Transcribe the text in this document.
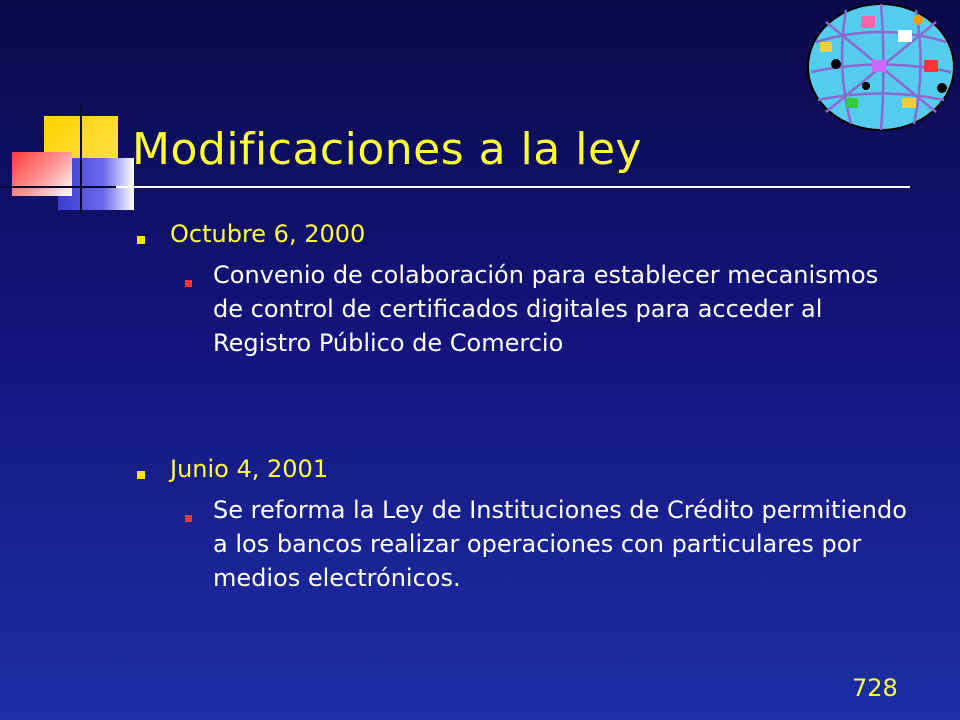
Modificaciones a la ley

Octubre 6, 2000

Convenio de colaboración para establecer mecanismos de control de certificados digitales para acceder al Registro Público de Comercio

Junio 4, 2001

Se reforma la Ley de Instituciones de Crédito permitiendo a los bancos realizar operaciones con particulares por medios electrónicos.

728
